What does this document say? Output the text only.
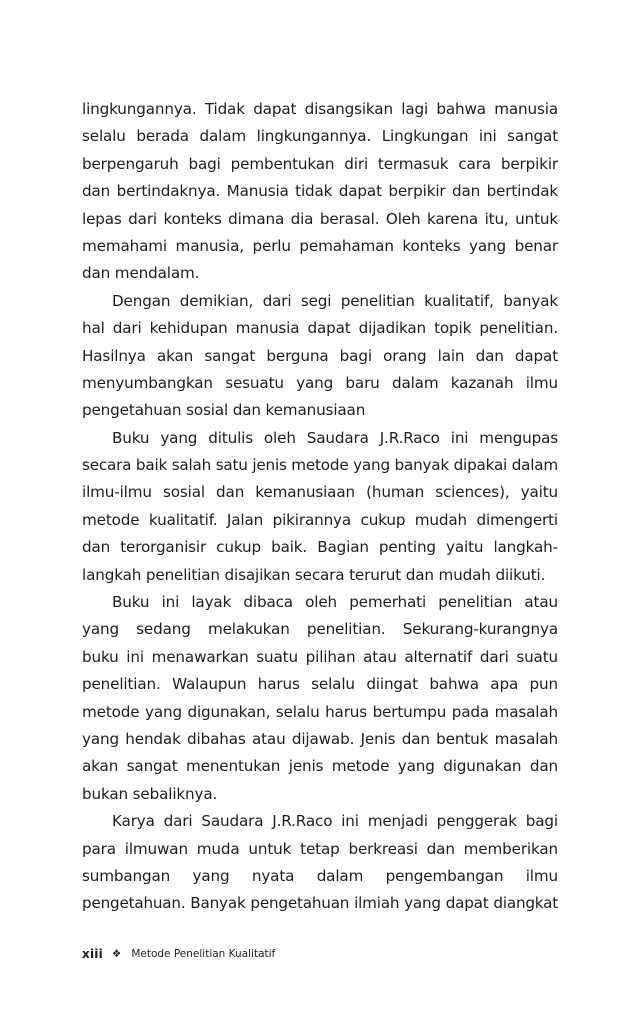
lingkungannya. Tidak dapat disangsikan lagi bahwa manusia
selalu berada dalam lingkungannya. Lingkungan ini sangat
berpengaruh bagi pembentukan diri termasuk cara berpikir
dan bertindaknya. Manusia tidak dapat berpikir dan bertindak
lepas dari konteks dimana dia berasal. Oleh karena itu, untuk
memahami manusia, perlu pemahaman konteks yang benar
dan mendalam.
Dengan demikian, dari segi penelitian kualitatif, banyak
hal dari kehidupan manusia dapat dijadikan topik penelitian.
Hasilnya akan sangat berguna bagi orang lain dan dapat
menyumbangkan sesuatu yang baru dalam kazanah ilmu
pengetahuan sosial dan kemanusiaan
Buku yang ditulis oleh Saudara J.R.Raco ini mengupas
secara baik salah satu jenis metode yang banyak dipakai dalam
ilmu-ilmu sosial dan kemanusiaan (human sciences), yaitu
metode kualitatif. Jalan pikirannya cukup mudah dimengerti
dan terorganisir cukup baik. Bagian penting yaitu langkah-
langkah penelitian disajikan secara terurut dan mudah diikuti.
Buku ini layak dibaca oleh pemerhati penelitian atau
yang sedang melakukan penelitian. Sekurang-kurangnya
buku ini menawarkan suatu pilihan atau alternatif dari suatu
penelitian. Walaupun harus selalu diingat bahwa apa pun
metode yang digunakan, selalu harus bertumpu pada masalah
yang hendak dibahas atau dijawab. Jenis dan bentuk masalah
akan sangat menentukan jenis metode yang digunakan dan
bukan sebaliknya.
Karya dari Saudara J.R.Raco ini menjadi penggerak bagi
para ilmuwan muda untuk tetap berkreasi dan memberikan
sumbangan yang nyata dalam pengembangan ilmu
pengetahuan. Banyak pengetahuan ilmiah yang dapat diangkat
xiii ❖ Metode Penelitian Kualitatif
